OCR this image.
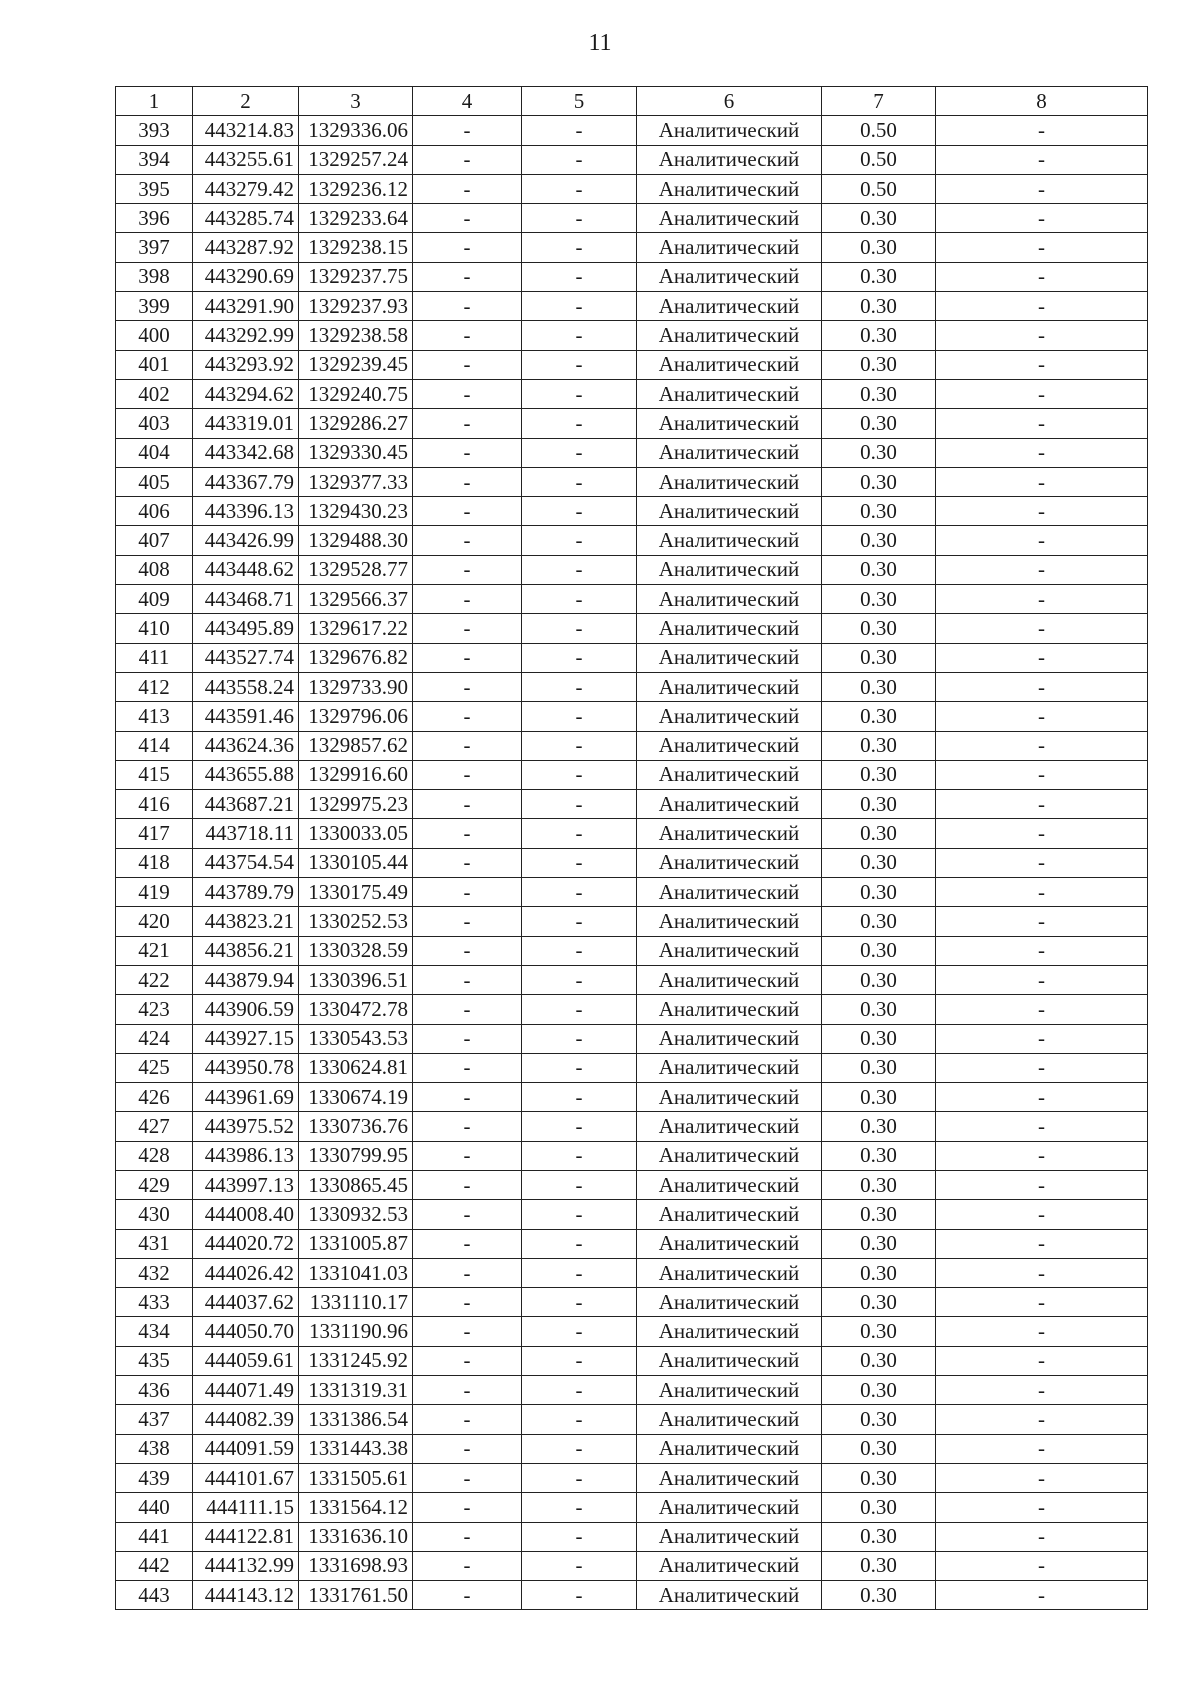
11
1	2	3	4	5	6	7	8
393	443214.83	1329336.06	-	-	Аналитический	0.50	-
394	443255.61	1329257.24	-	-	Аналитический	0.50	-
395	443279.42	1329236.12	-	-	Аналитический	0.50	-
396	443285.74	1329233.64	-	-	Аналитический	0.30	-
397	443287.92	1329238.15	-	-	Аналитический	0.30	-
398	443290.69	1329237.75	-	-	Аналитический	0.30	-
399	443291.90	1329237.93	-	-	Аналитический	0.30	-
400	443292.99	1329238.58	-	-	Аналитический	0.30	-
401	443293.92	1329239.45	-	-	Аналитический	0.30	-
402	443294.62	1329240.75	-	-	Аналитический	0.30	-
403	443319.01	1329286.27	-	-	Аналитический	0.30	-
404	443342.68	1329330.45	-	-	Аналитический	0.30	-
405	443367.79	1329377.33	-	-	Аналитический	0.30	-
406	443396.13	1329430.23	-	-	Аналитический	0.30	-
407	443426.99	1329488.30	-	-	Аналитический	0.30	-
408	443448.62	1329528.77	-	-	Аналитический	0.30	-
409	443468.71	1329566.37	-	-	Аналитический	0.30	-
410	443495.89	1329617.22	-	-	Аналитический	0.30	-
411	443527.74	1329676.82	-	-	Аналитический	0.30	-
412	443558.24	1329733.90	-	-	Аналитический	0.30	-
413	443591.46	1329796.06	-	-	Аналитический	0.30	-
414	443624.36	1329857.62	-	-	Аналитический	0.30	-
415	443655.88	1329916.60	-	-	Аналитический	0.30	-
416	443687.21	1329975.23	-	-	Аналитический	0.30	-
417	443718.11	1330033.05	-	-	Аналитический	0.30	-
418	443754.54	1330105.44	-	-	Аналитический	0.30	-
419	443789.79	1330175.49	-	-	Аналитический	0.30	-
420	443823.21	1330252.53	-	-	Аналитический	0.30	-
421	443856.21	1330328.59	-	-	Аналитический	0.30	-
422	443879.94	1330396.51	-	-	Аналитический	0.30	-
423	443906.59	1330472.78	-	-	Аналитический	0.30	-
424	443927.15	1330543.53	-	-	Аналитический	0.30	-
425	443950.78	1330624.81	-	-	Аналитический	0.30	-
426	443961.69	1330674.19	-	-	Аналитический	0.30	-
427	443975.52	1330736.76	-	-	Аналитический	0.30	-
428	443986.13	1330799.95	-	-	Аналитический	0.30	-
429	443997.13	1330865.45	-	-	Аналитический	0.30	-
430	444008.40	1330932.53	-	-	Аналитический	0.30	-
431	444020.72	1331005.87	-	-	Аналитический	0.30	-
432	444026.42	1331041.03	-	-	Аналитический	0.30	-
433	444037.62	1331110.17	-	-	Аналитический	0.30	-
434	444050.70	1331190.96	-	-	Аналитический	0.30	-
435	444059.61	1331245.92	-	-	Аналитический	0.30	-
436	444071.49	1331319.31	-	-	Аналитический	0.30	-
437	444082.39	1331386.54	-	-	Аналитический	0.30	-
438	444091.59	1331443.38	-	-	Аналитический	0.30	-
439	444101.67	1331505.61	-	-	Аналитический	0.30	-
440	444111.15	1331564.12	-	-	Аналитический	0.30	-
441	444122.81	1331636.10	-	-	Аналитический	0.30	-
442	444132.99	1331698.93	-	-	Аналитический	0.30	-
443	444143.12	1331761.50	-	-	Аналитический	0.30	-
